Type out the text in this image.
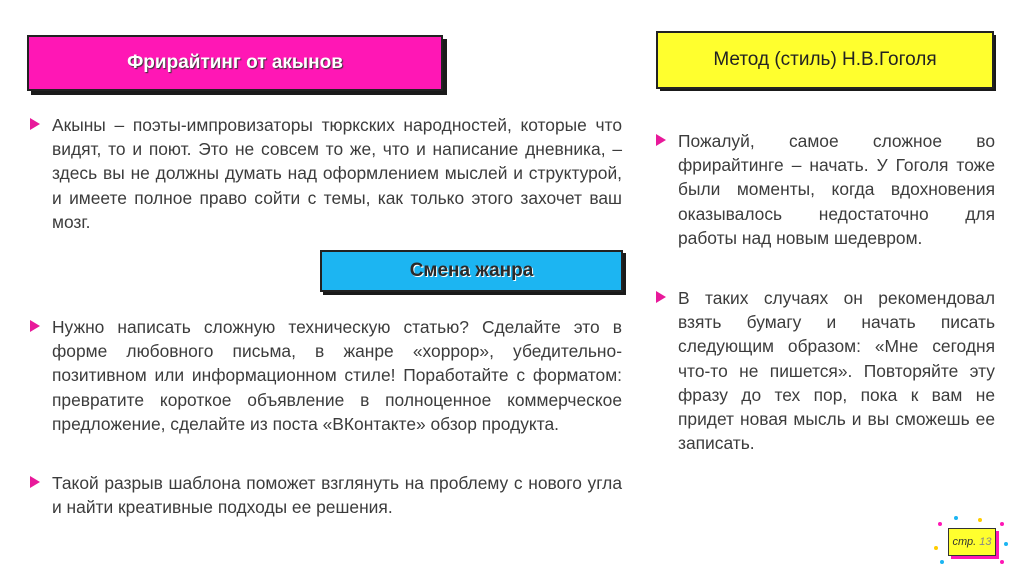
Фрирайтинг от акынов	Метод (стиль) Н.В.Гоголя
Смена жанра
Акыны – поэты-импровизаторы тюркских народностей, которые что видят, то и поют. Это не совсем то же, что и написание дневника, – здесь вы не должны думать над оформлением мыслей и структурой, и имеете полное право сойти с темы, как только этого захочет ваш мозг.
Нужно написать сложную техническую статью? Сделайте это в форме любовного письма, в жанре «хоррор», убедительно-позитивном или информационном стиле! Поработайте с форматом: превратите короткое объявление в полноценное коммерческое предложение, сделайте из поста «ВКонтакте» обзор продукта.
Такой разрыв шаблона поможет взглянуть на проблему с нового угла и найти креативные подходы ее решения.
Пожалуй, самое сложное во фрирайтинге – начать. У Гоголя тоже были моменты, когда вдохновения оказывалось недостаточно для работы над новым шедевром.
В таких случаях он рекомендовал взять бумагу и начать писать следующим образом: «Мне сегодня что-то не пишется». Повторяйте эту фразу до тех пор, пока к вам не придет новая мысль и вы сможешь ее записать.
стр. 13
